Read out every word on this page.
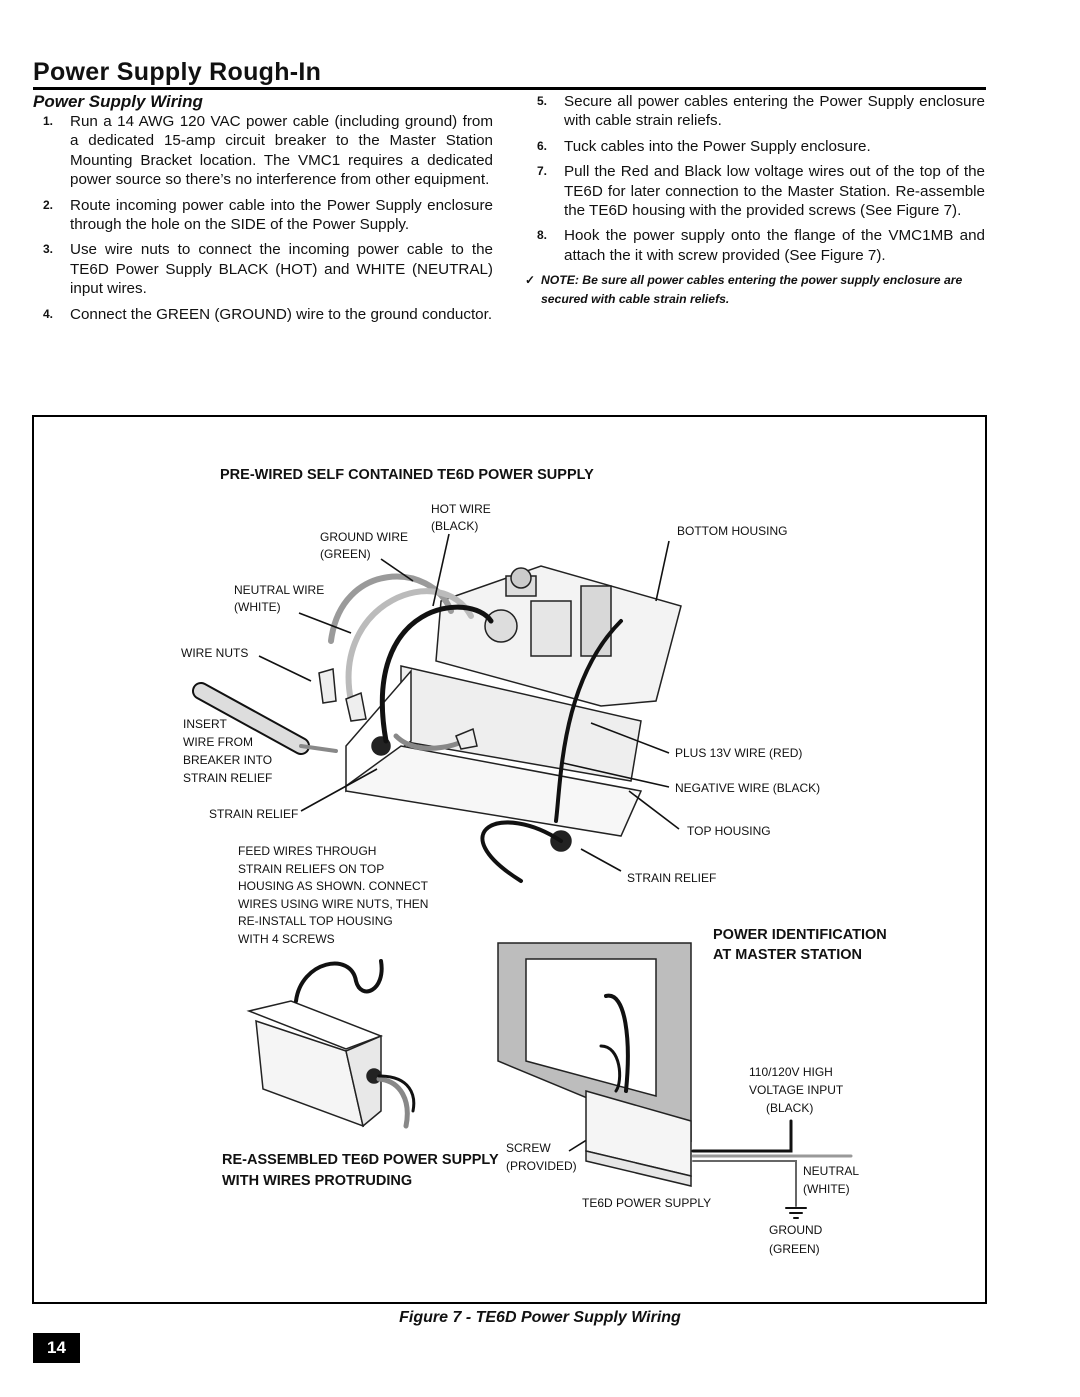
Power Supply Rough-In
Power Supply Wiring
1. Run a 14 AWG 120 VAC power cable (including ground) from a dedicated 15-amp circuit breaker to the Master Station Mounting Bracket location. The VMC1 requires a dedicated power source so there’s no interference from other equipment.
2. Route incoming power cable into the Power Supply enclosure through the hole on the SIDE of the Power Supply.
3. Use wire nuts to connect the incoming power cable to the TE6D Power Supply BLACK (HOT) and WHITE (NEUTRAL) input wires.
4. Connect the GREEN (GROUND) wire to the ground conductor.
5. Secure all power cables entering the Power Supply enclosure with cable strain reliefs.
6. Tuck cables into the Power Supply enclosure.
7. Pull the Red and Black low voltage wires out of the top of the TE6D for later connection to the Master Station. Re-assemble the TE6D housing with the provided screws (See Figure 7).
8. Hook the power supply onto the flange of the VMC1MB and attach the it with screw provided (See Figure 7).
✓ NOTE: Be sure all power cables entering the power supply enclosure are secured with cable strain reliefs.
PRE-WIRED SELF CONTAINED TE6D POWER SUPPLY
POWER IDENTIFICATION
AT MASTER STATION
RE-ASSEMBLED TE6D POWER SUPPLY
WITH WIRES PROTRUDING
HOT WIRE
(BLACK)
GROUND WIRE
(GREEN)
BOTTOM HOUSING
NEUTRAL WIRE
(WHITE)
WIRE NUTS
INSERT
WIRE FROM
BREAKER INTO
STRAIN RELIEF
PLUS 13V WIRE (RED)
NEGATIVE WIRE (BLACK)
STRAIN RELIEF
TOP HOUSING
FEED WIRES THROUGH
STRAIN RELIEFS ON TOP
HOUSING AS SHOWN. CONNECT
WIRES USING WIRE NUTS, THEN
RE-INSTALL TOP HOUSING
WITH 4 SCREWS
STRAIN RELIEF
110/120V HIGH
VOLTAGE INPUT
(BLACK)
SCREW
(PROVIDED)	NEUTRAL
(WHITE)
TE6D POWER SUPPLY
GROUND
(GREEN)
Figure 7 - TE6D Power Supply Wiring
14
